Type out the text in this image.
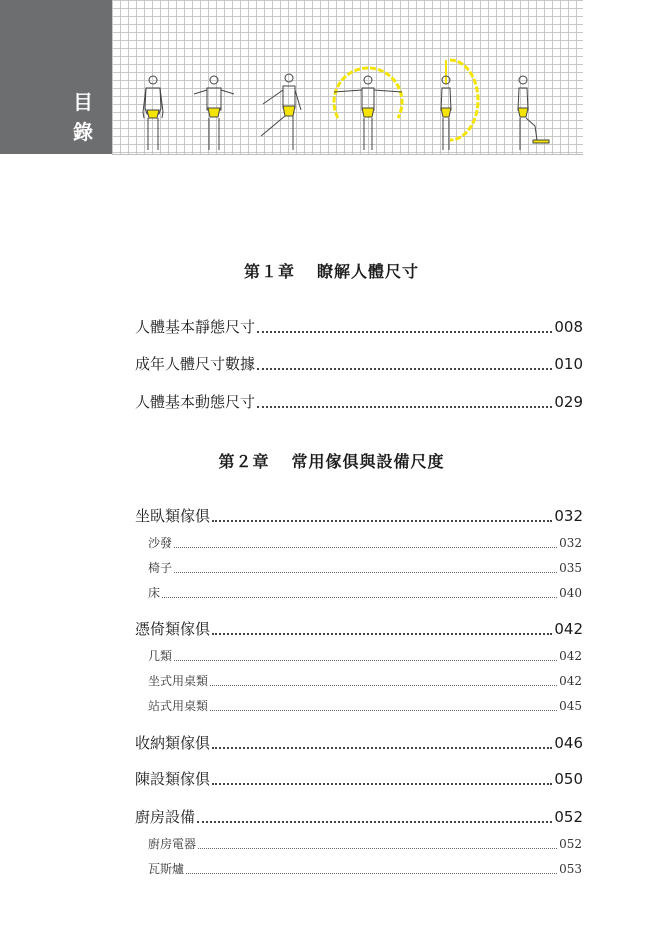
目
錄
第１章 瞭解人體尺寸
人體基本靜態尺寸	008
成年人體尺寸數據	010
人體基本動態尺寸	029
第２章 常用傢俱與設備尺度
坐臥類傢俱	032
沙發	032
椅子	035
床	040
憑倚類傢俱	042
几類	042
坐式用桌類	042
站式用桌類	045
收納類傢俱	046
陳設類傢俱	050
廚房設備	052
廚房電器	052
瓦斯爐	053
